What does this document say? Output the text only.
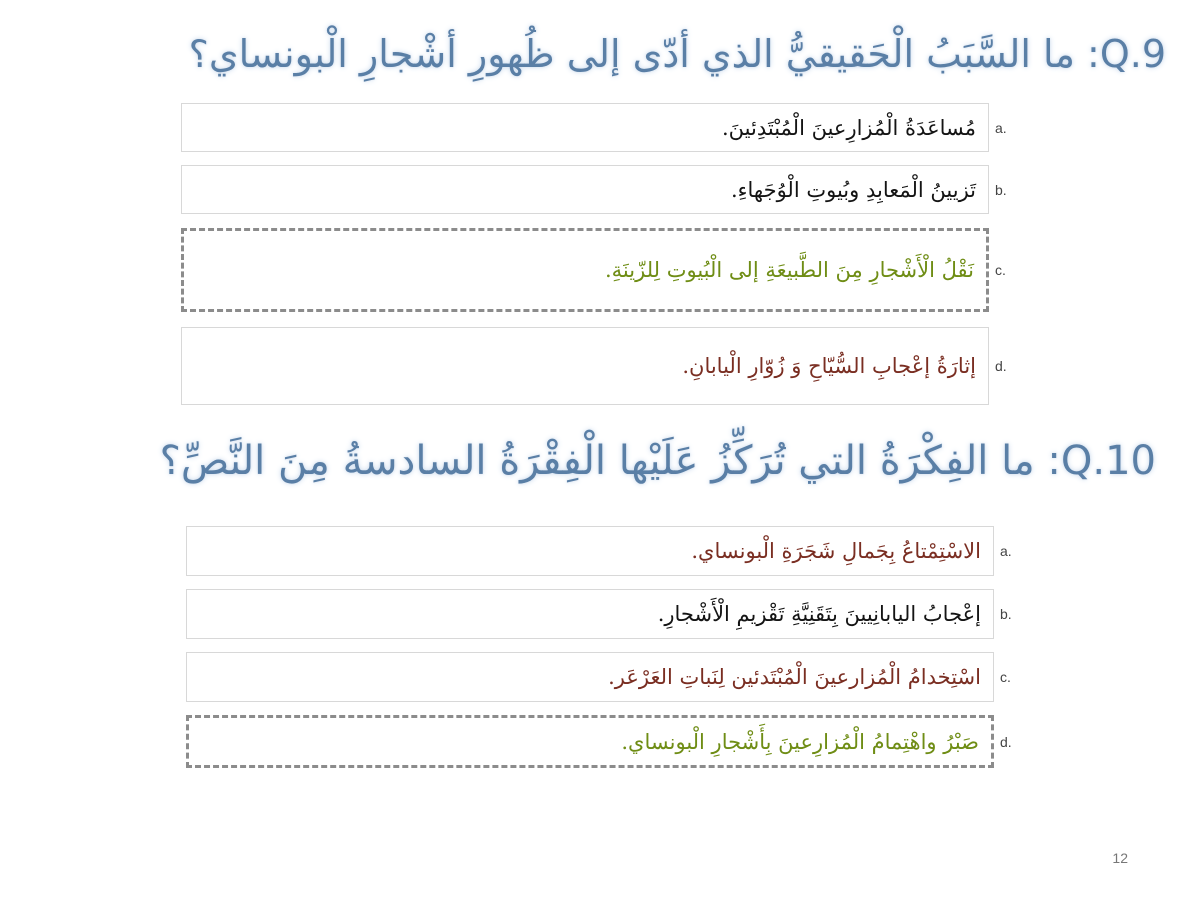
Q.9: ما السَّبَبُ الْحَقيقيُّ الذي أدّى إلى ظُهورِ أشْجارِ الْبونساي؟
مُساعَدَةُ الْمُزارِعينَ الْمُبْتَدِئينَ. a.
تَزيينُ الْمَعابِدِ وبُيوتِ الْوُجَهاءِ. b.
نَقْلُ الْأَشْجارِ مِنَ الطَّبيعَةِ إلى الْبُيوتِ لِلزّينَةِ. c.
إثارَةُ إعْجابِ السُّيّاحِ وَ زُوّارِ الْيابانِ. d.
Q.10: ما الفِكْرَةُ التي تُرَكِّزُ عَلَيْها الْفِقْرَةُ السادسةُ مِنَ النَّصِّ؟
الاسْتِمْتاعُ بِجَمالِ شَجَرَةِ الْبونساي. a.
إعْجابُ اليابانِيينَ بِتَقَنِيَّةِ تَقْزيمِ الْأَشْجارِ. b.
اسْتِخدامُ الْمُزارعينَ الْمُبْتَدئين لِنَباتِ العَرْعَر. c.
صَبْرُ واهْتِمامُ الْمُزارِعينَ بِأَشْجارِ الْبونساي. d.
12
